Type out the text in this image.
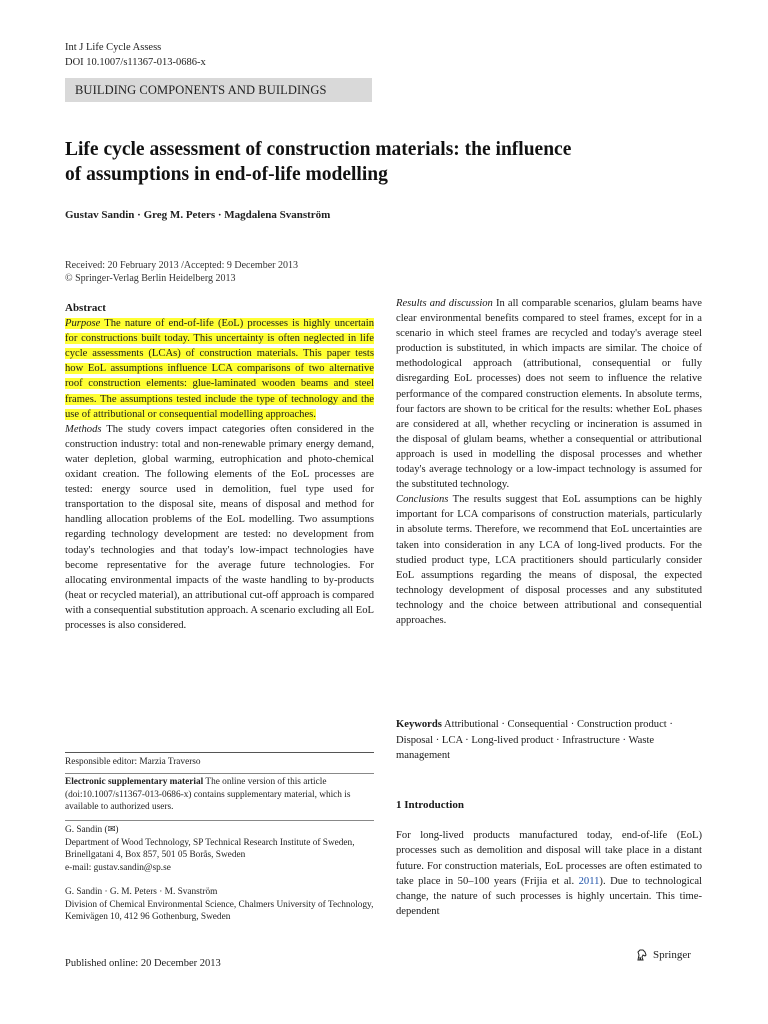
Int J Life Cycle Assess
DOI 10.1007/s11367-013-0686-x
BUILDING COMPONENTS AND BUILDINGS
Life cycle assessment of construction materials: the influence
of assumptions in end-of-life modelling
Gustav Sandin · Greg M. Peters · Magdalena Svanström
Received: 20 February 2013 /Accepted: 9 December 2013
© Springer-Verlag Berlin Heidelberg 2013
Abstract

Purpose The nature of end-of-life (EoL) processes is highly uncertain for constructions built today. This uncertainty is often neglected in life cycle assessments (LCAs) of construction materials. This paper tests how EoL assumptions influence LCA comparisons of two alternative roof construction elements: glue-laminated wooden beams and steel frames. The assumptions tested include the type of technology and the use of attributional or consequential modelling approaches.

Methods The study covers impact categories often considered in the construction industry: total and non-renewable primary energy demand, water depletion, global warming, eutrophication and photo-chemical oxidant creation. The following elements of the EoL processes are tested: energy source used in demolition, fuel type used for transportation to the disposal site, means of disposal and method for handling allocation problems of the EoL modelling. Two assumptions regarding technology development are tested: no development from today's technologies and that today's low-impact technologies have become representative for the average future technologies. For allocating environmental impacts of the waste handling to by-products (heat or recycled material), an attributional cut-off approach is compared with a consequential substitution approach. A scenario excluding all EoL processes is also considered.

Responsible editor: Marzia Traverso
Electronic supplementary material The online version of this article (doi:10.1007/s11367-013-0686-x) contains supplementary material, which is available to authorized users.
G. Sandin (✉)
Department of Wood Technology, SP Technical Research Institute of Sweden, Brinellgatani 4, Box 857, 501 05 Borås, Sweden
e-mail: gustav.sandin@sp.se
G. Sandin · G. M. Peters · M. Svanström
Division of Chemical Environmental Science, Chalmers University of Technology, Kemivägen 10, 412 96 Gothenburg, Sweden

Results and discussion In all comparable scenarios, glulam beams have clear environmental benefits compared to steel frames, except for in a scenario in which steel frames are recycled and today's average steel production is substituted, in which impacts are similar. The choice of methodological approach (attributional, consequential or fully disregarding EoL processes) does not seem to influence the relative performance of the compared construction elements. In absolute terms, four factors are shown to be critical for the results: whether EoL phases are considered at all, whether recycling or incineration is assumed in the disposal of glulam beams, whether a consequential or attributional approach is used in modelling the disposal processes and whether today's average technology or a low-impact technology is assumed for the substituted technology.

Conclusions The results suggest that EoL assumptions can be highly important for LCA comparisons of construction materials, particularly in absolute terms. Therefore, we recommend that EoL uncertainties are taken into consideration in any LCA of long-lived products. For the studied product type, LCA practitioners should particularly consider EoL assumptions regarding the means of disposal, the expected technology development of disposal processes and any substituted technology and the choice between attributional and consequential approaches.

Keywords Attributional · Consequential · Construction product · Disposal · LCA · Long-lived product · Infrastructure · Waste management
1 Introduction
For long-lived products manufactured today, end-of-life (EoL) processes such as demolition and disposal will take place in a distant future. For construction materials, EoL processes are often estimated to take place in 50–100 years (Frijia et al. 2011). Due to technological change, the nature of such processes is highly uncertain. This time-dependent
Published online: 20 December 2013
Springer
